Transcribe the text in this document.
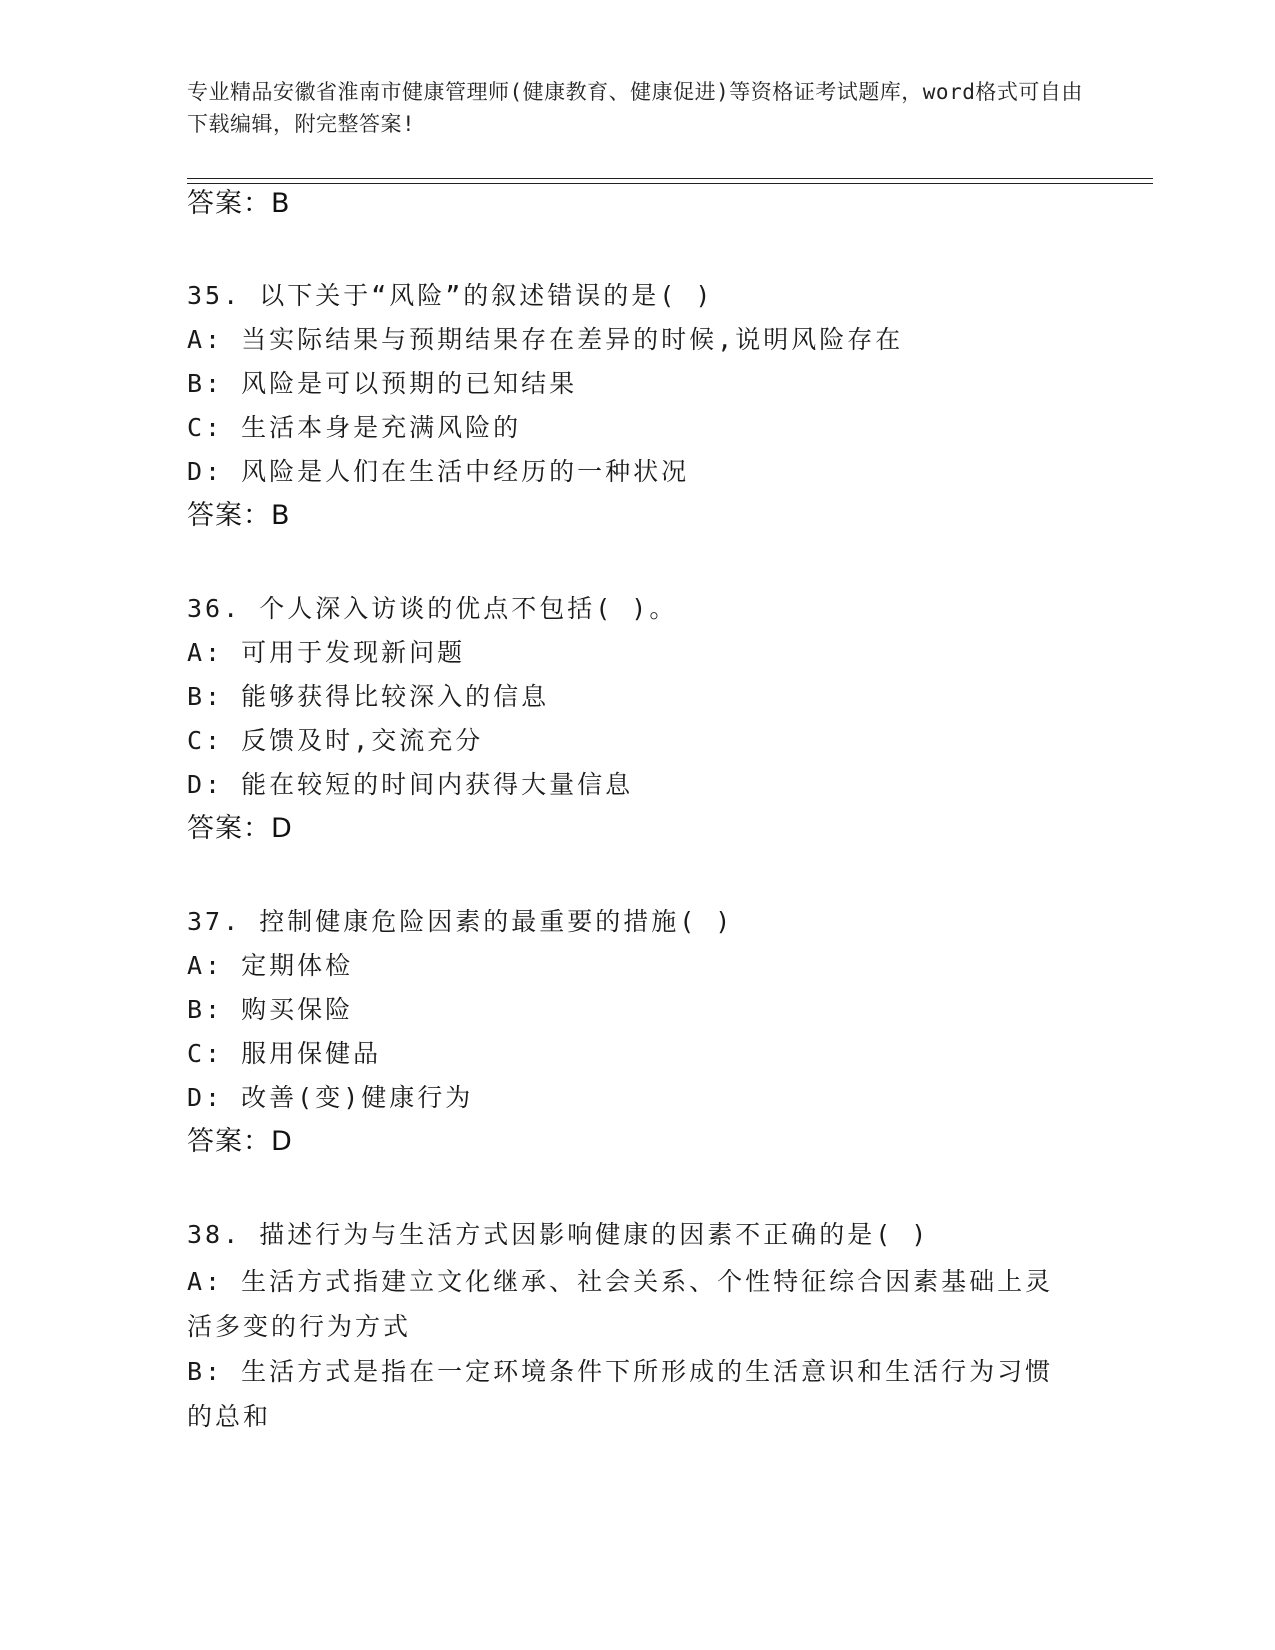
专业精品安徽省淮南市健康管理师(健康教育、健康促进)等资格证考试题库，word格式可自由下载编辑，附完整答案!
答案：B
35. 以下关于“风险”的叙述错误的是( )
A: 当实际结果与预期结果存在差异的时候,说明风险存在
B: 风险是可以预期的已知结果
C: 生活本身是充满风险的
D: 风险是人们在生活中经历的一种状况
答案：B
36. 个人深入访谈的优点不包括( )。
A: 可用于发现新问题
B: 能够获得比较深入的信息
C: 反馈及时,交流充分
D: 能在较短的时间内获得大量信息
答案：D
37. 控制健康危险因素的最重要的措施( )
A: 定期体检
B: 购买保险
C: 服用保健品
D: 改善(变)健康行为
答案：D
38. 描述行为与生活方式因影响健康的因素不正确的是( )
A: 生活方式指建立文化继承、社会关系、个性特征综合因素基础上灵活多变的行为方式
B: 生活方式是指在一定环境条件下所形成的生活意识和生活行为习惯的总和
